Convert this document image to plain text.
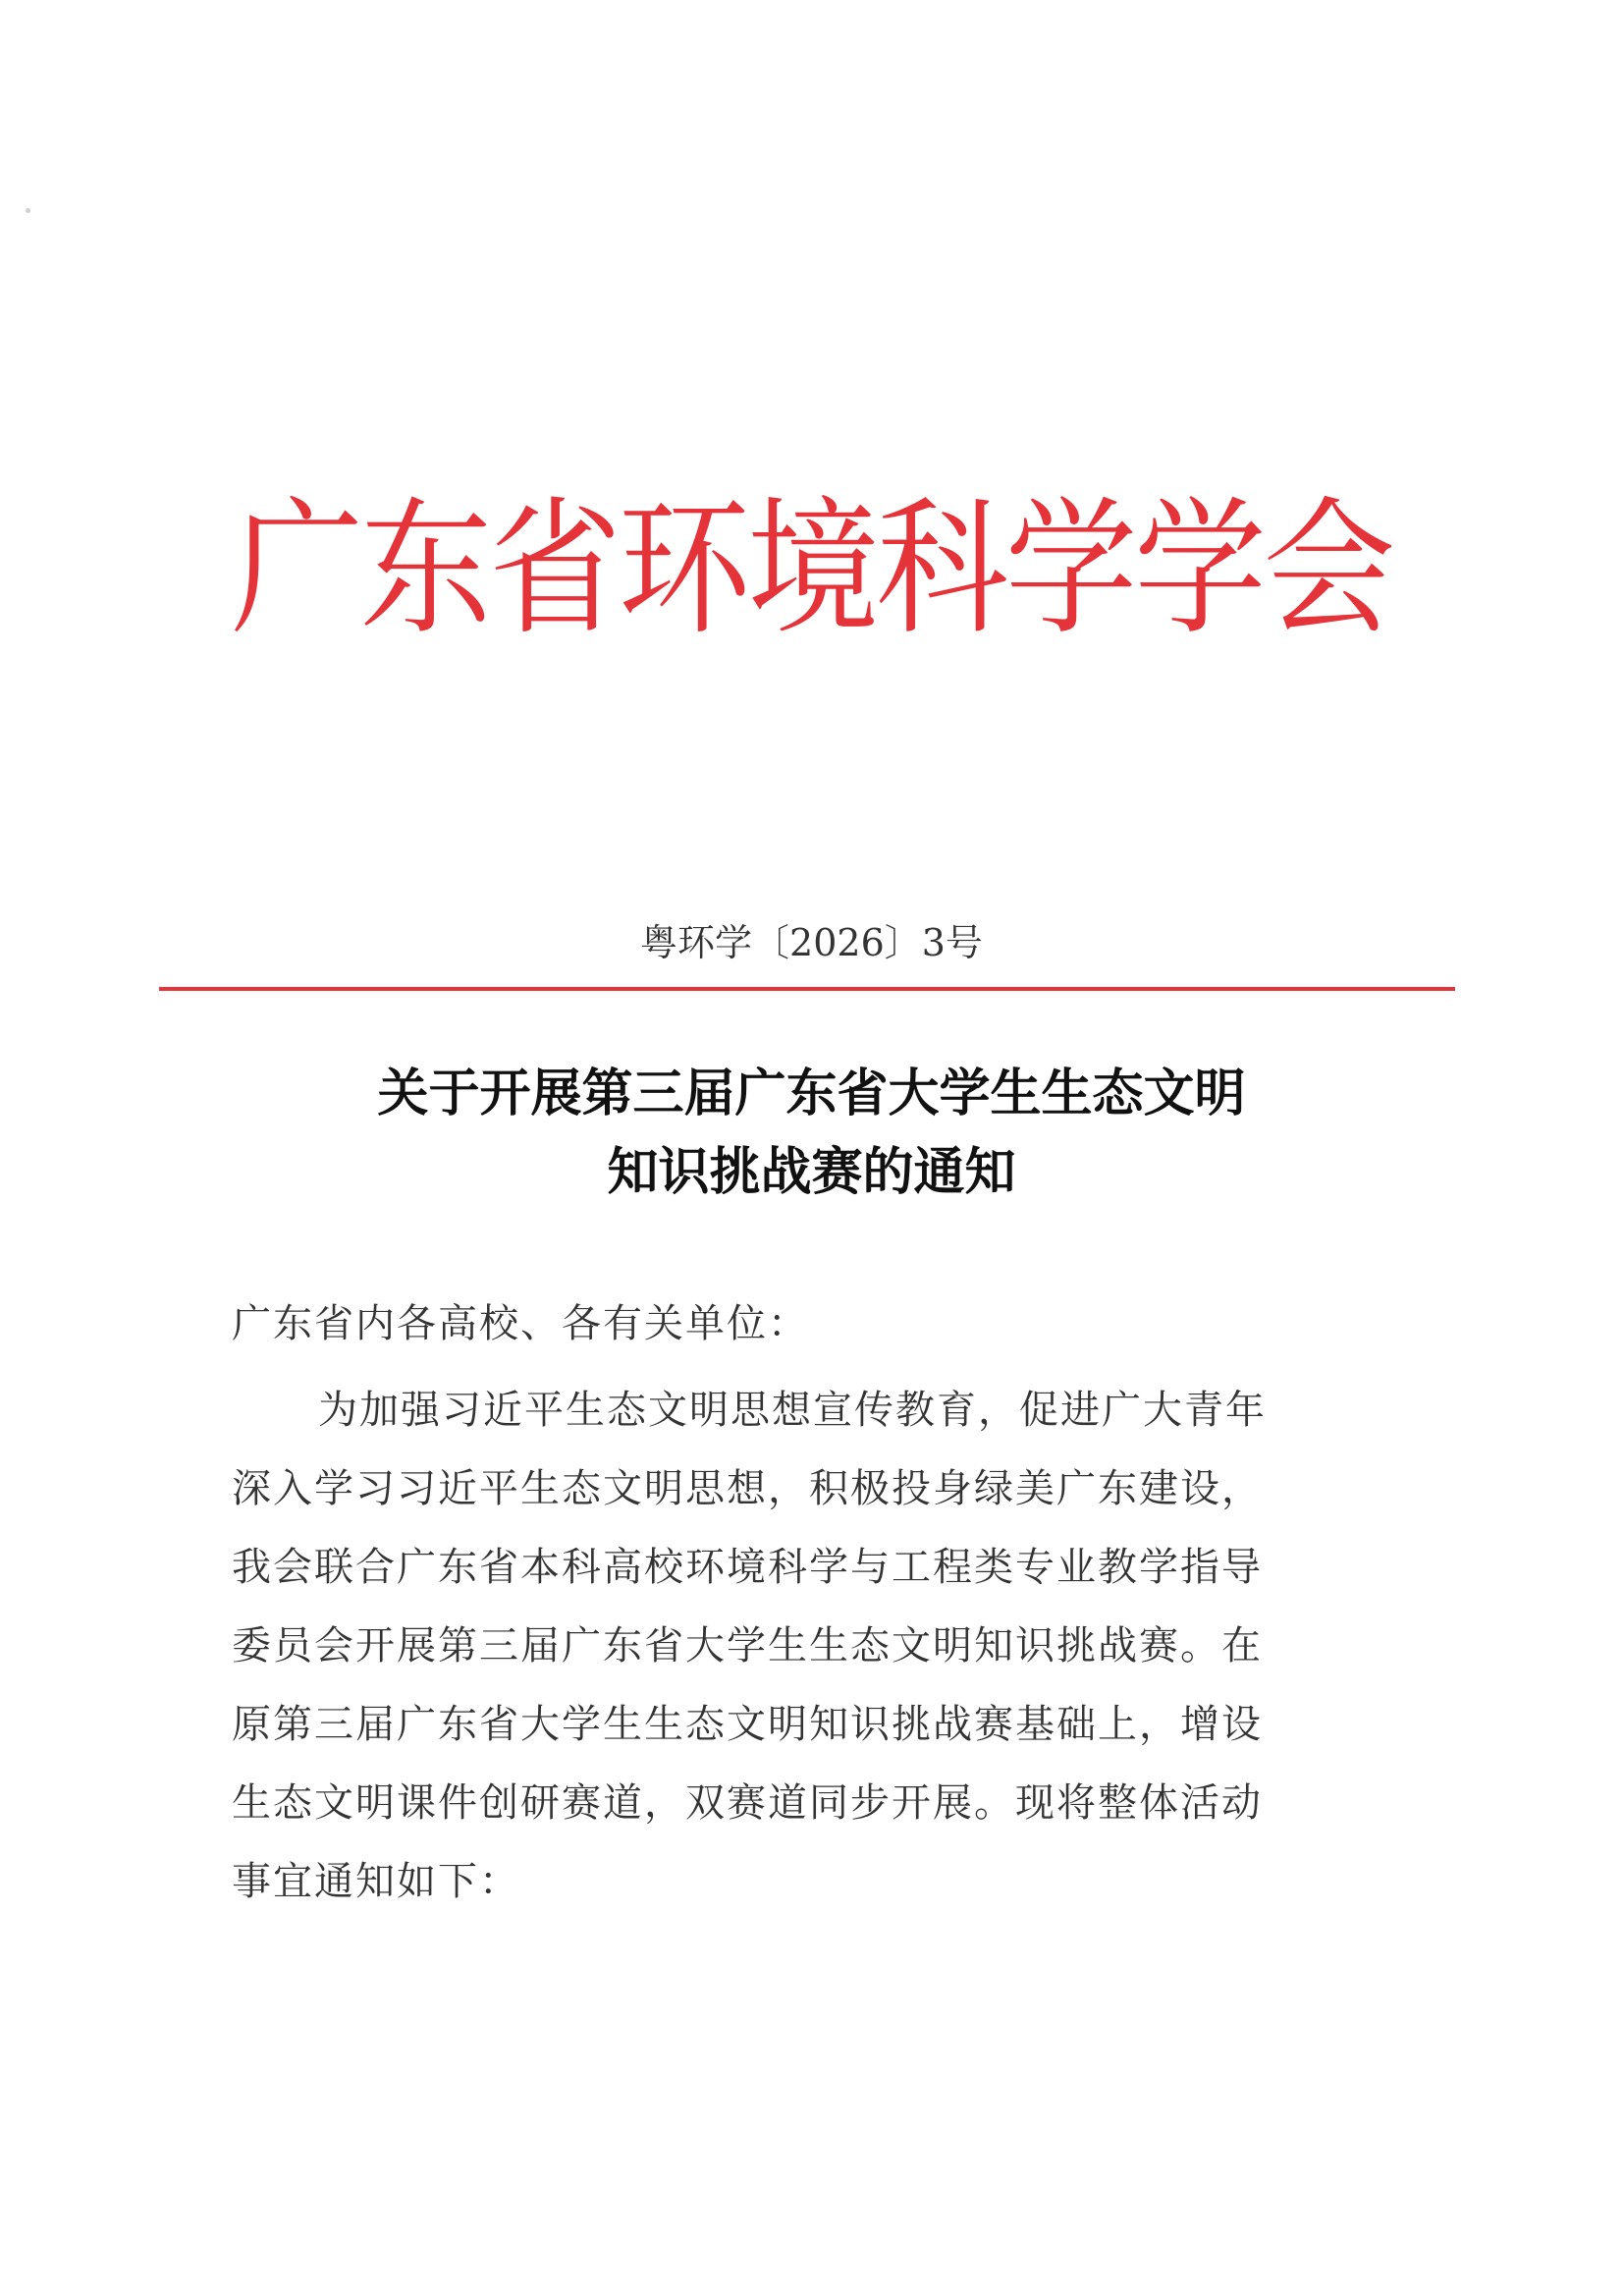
广东省环境科学学会
粤环学〔2026〕3号
关于开展第三届广东省大学生生态文明
知识挑战赛的通知
广东省内各高校、各有关单位：
为加强习近平生态文明思想宣传教育，促进广大青年
深入学习习近平生态文明思想，积极投身绿美广东建设，
我会联合广东省本科高校环境科学与工程类专业教学指导
委员会开展第三届广东省大学生生态文明知识挑战赛。在
原第三届广东省大学生生态文明知识挑战赛基础上，增设
生态文明课件创研赛道，双赛道同步开展。现将整体活动
事宜通知如下：
